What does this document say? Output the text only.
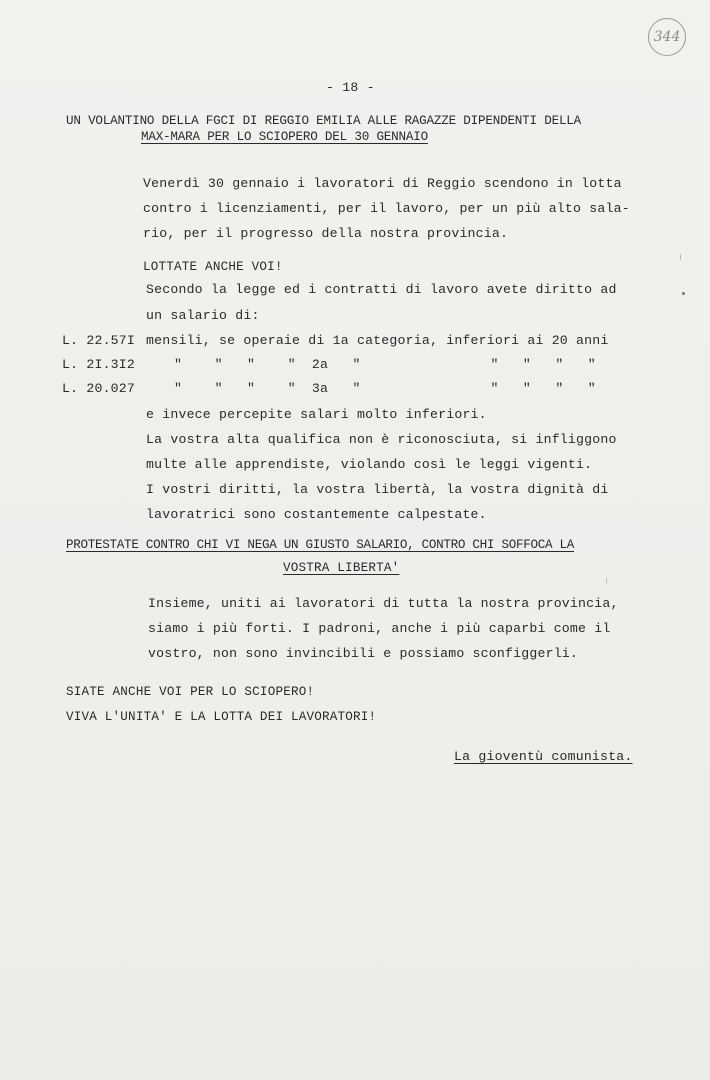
344
- 18 -
UN VOLANTINO DELLA FGCI DI REGGIO EMILIA ALLE RAGAZZE DIPENDENTI DELLA
MAX-MARA PER LO SCIOPERO DEL 30 GENNAIO
Venerdì 30 gennaio i lavoratori di Reggio scendono in lotta
contro i licenziamenti, per il lavoro, per un più alto sala-
rio, per il progresso della nostra provincia.
LOTTATE ANCHE VOI!
Secondo la legge ed i contratti di lavoro avete diritto ad
un salario di:
L. 22.57I mensili, se operaie di 1a categoria, inferiori ai 20 anni
L. 2I.3I2	"    "   "    "  2a   "                "   "   "   "
L. 20.027	"    "   "    "  3a   "                "   "   "   "
e invece percepite salari molto inferiori.
La vostra alta qualifica non è riconosciuta, si infliggono
multe alle apprendiste, violando così le leggi vigenti.
I vostri diritti, la vostra libertà, la vostra dignità di
lavoratrici sono costantemente calpestate.
PROTESTATE CONTRO CHI VI NEGA UN GIUSTO SALARIO, CONTRO CHI SOFFOCA LA
VOSTRA LIBERTA'
Insieme, uniti ai lavoratori di tutta la nostra provincia,
siamo i più forti. I padroni, anche i più caparbi come il
vostro, non sono invincibili e possiamo sconfiggerli.
SIATE ANCHE VOI PER LO SCIOPERO!
VIVA L'UNITA' E LA LOTTA DEI LAVORATORI!
La gioventù comunista.
